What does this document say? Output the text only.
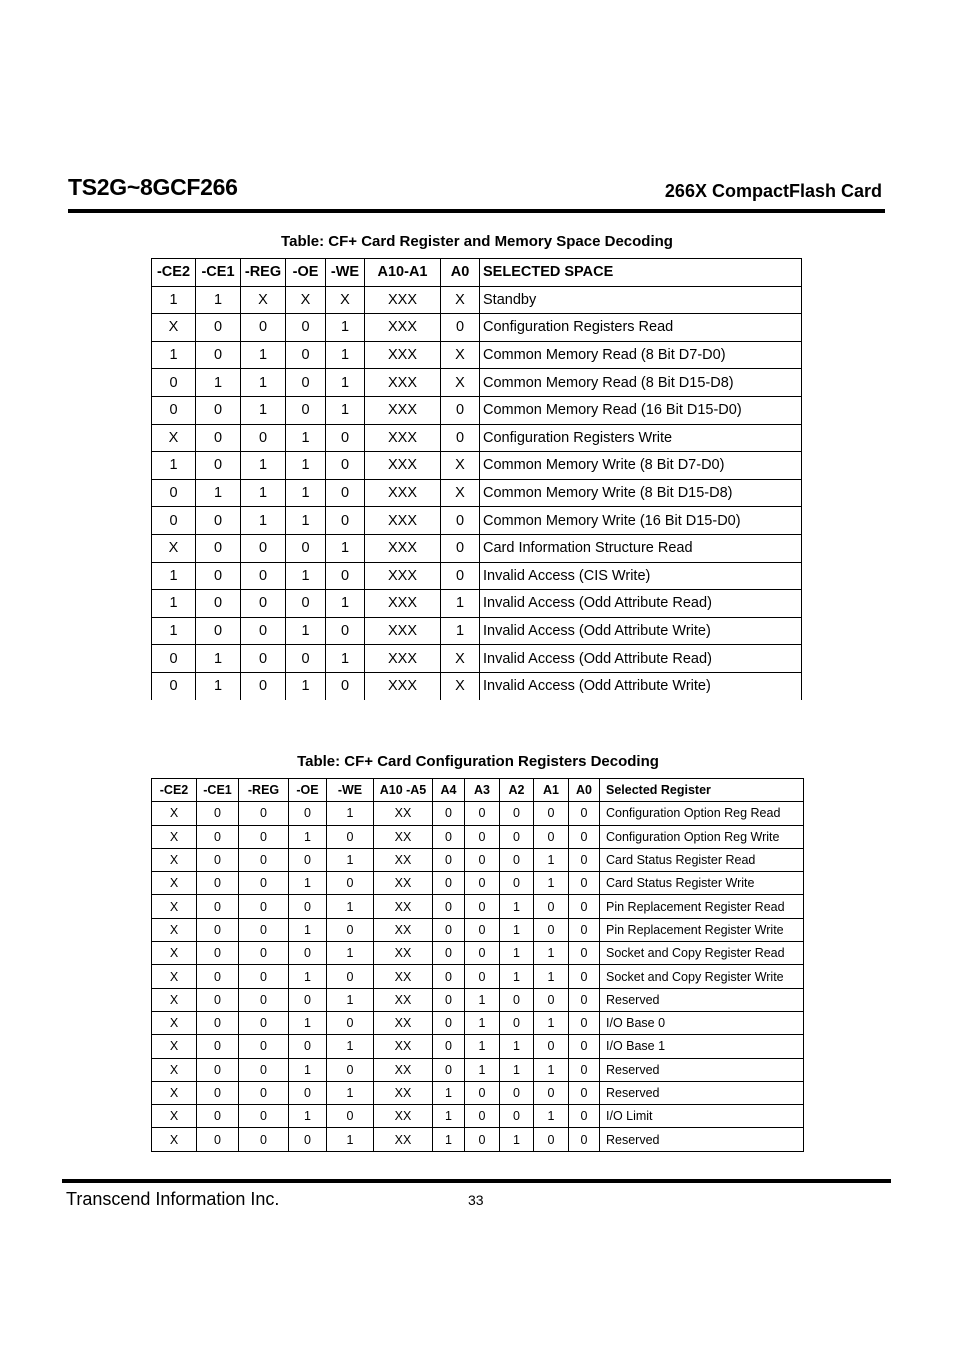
TS2G~8GCF266	266X CompactFlash Card
Table: CF+ Card Register and Memory Space Decoding
-CE2	-CE1	-REG	-OE	-WE	A10-A1	A0	SELECTED SPACE
1	1	X	X	X	XXX	X	Standby
X	0	0	0	1	XXX	0	Configuration Registers Read
1	0	1	0	1	XXX	X	Common Memory Read (8 Bit D7-D0)
0	1	1	0	1	XXX	X	Common Memory Read (8 Bit D15-D8)
0	0	1	0	1	XXX	0	Common Memory Read (16 Bit D15-D0)
X	0	0	1	0	XXX	0	Configuration Registers Write
1	0	1	1	0	XXX	X	Common Memory Write (8 Bit D7-D0)
0	1	1	1	0	XXX	X	Common Memory Write (8 Bit D15-D8)
0	0	1	1	0	XXX	0	Common Memory Write (16 Bit D15-D0)
X	0	0	0	1	XXX	0	Card Information Structure Read
1	0	0	1	0	XXX	0	Invalid Access (CIS Write)
1	0	0	0	1	XXX	1	Invalid Access (Odd Attribute Read)
1	0	0	1	0	XXX	1	Invalid Access (Odd Attribute Write)
0	1	0	0	1	XXX	X	Invalid Access (Odd Attribute Read)
0	1	0	1	0	XXX	X	Invalid Access (Odd Attribute Write)
Table: CF+ Card Configuration Registers Decoding
-CE2	-CE1	-REG	-OE	-WE	A10 -A5	A4	A3	A2	A1	A0	Selected Register
X	0	0	0	1	XX	0	0	0	0	0	Configuration Option Reg Read
X	0	0	1	0	XX	0	0	0	0	0	Configuration Option Reg Write
X	0	0	0	1	XX	0	0	0	1	0	Card Status Register Read
X	0	0	1	0	XX	0	0	0	1	0	Card Status Register Write
X	0	0	0	1	XX	0	0	1	0	0	Pin Replacement Register Read
X	0	0	1	0	XX	0	0	1	0	0	Pin Replacement Register Write
X	0	0	0	1	XX	0	0	1	1	0	Socket and Copy Register Read
X	0	0	1	0	XX	0	0	1	1	0	Socket and Copy Register Write
X	0	0	0	1	XX	0	1	0	0	0	Reserved
X	0	0	1	0	XX	0	1	0	1	0	I/O Base 0
X	0	0	0	1	XX	0	1	1	0	0	I/O Base 1
X	0	0	1	0	XX	0	1	1	1	0	Reserved
X	0	0	0	1	XX	1	0	0	0	0	Reserved
X	0	0	1	0	XX	1	0	0	1	0	I/O Limit
X	0	0	0	1	XX	1	0	1	0	0	Reserved
Transcend Information Inc.	33
